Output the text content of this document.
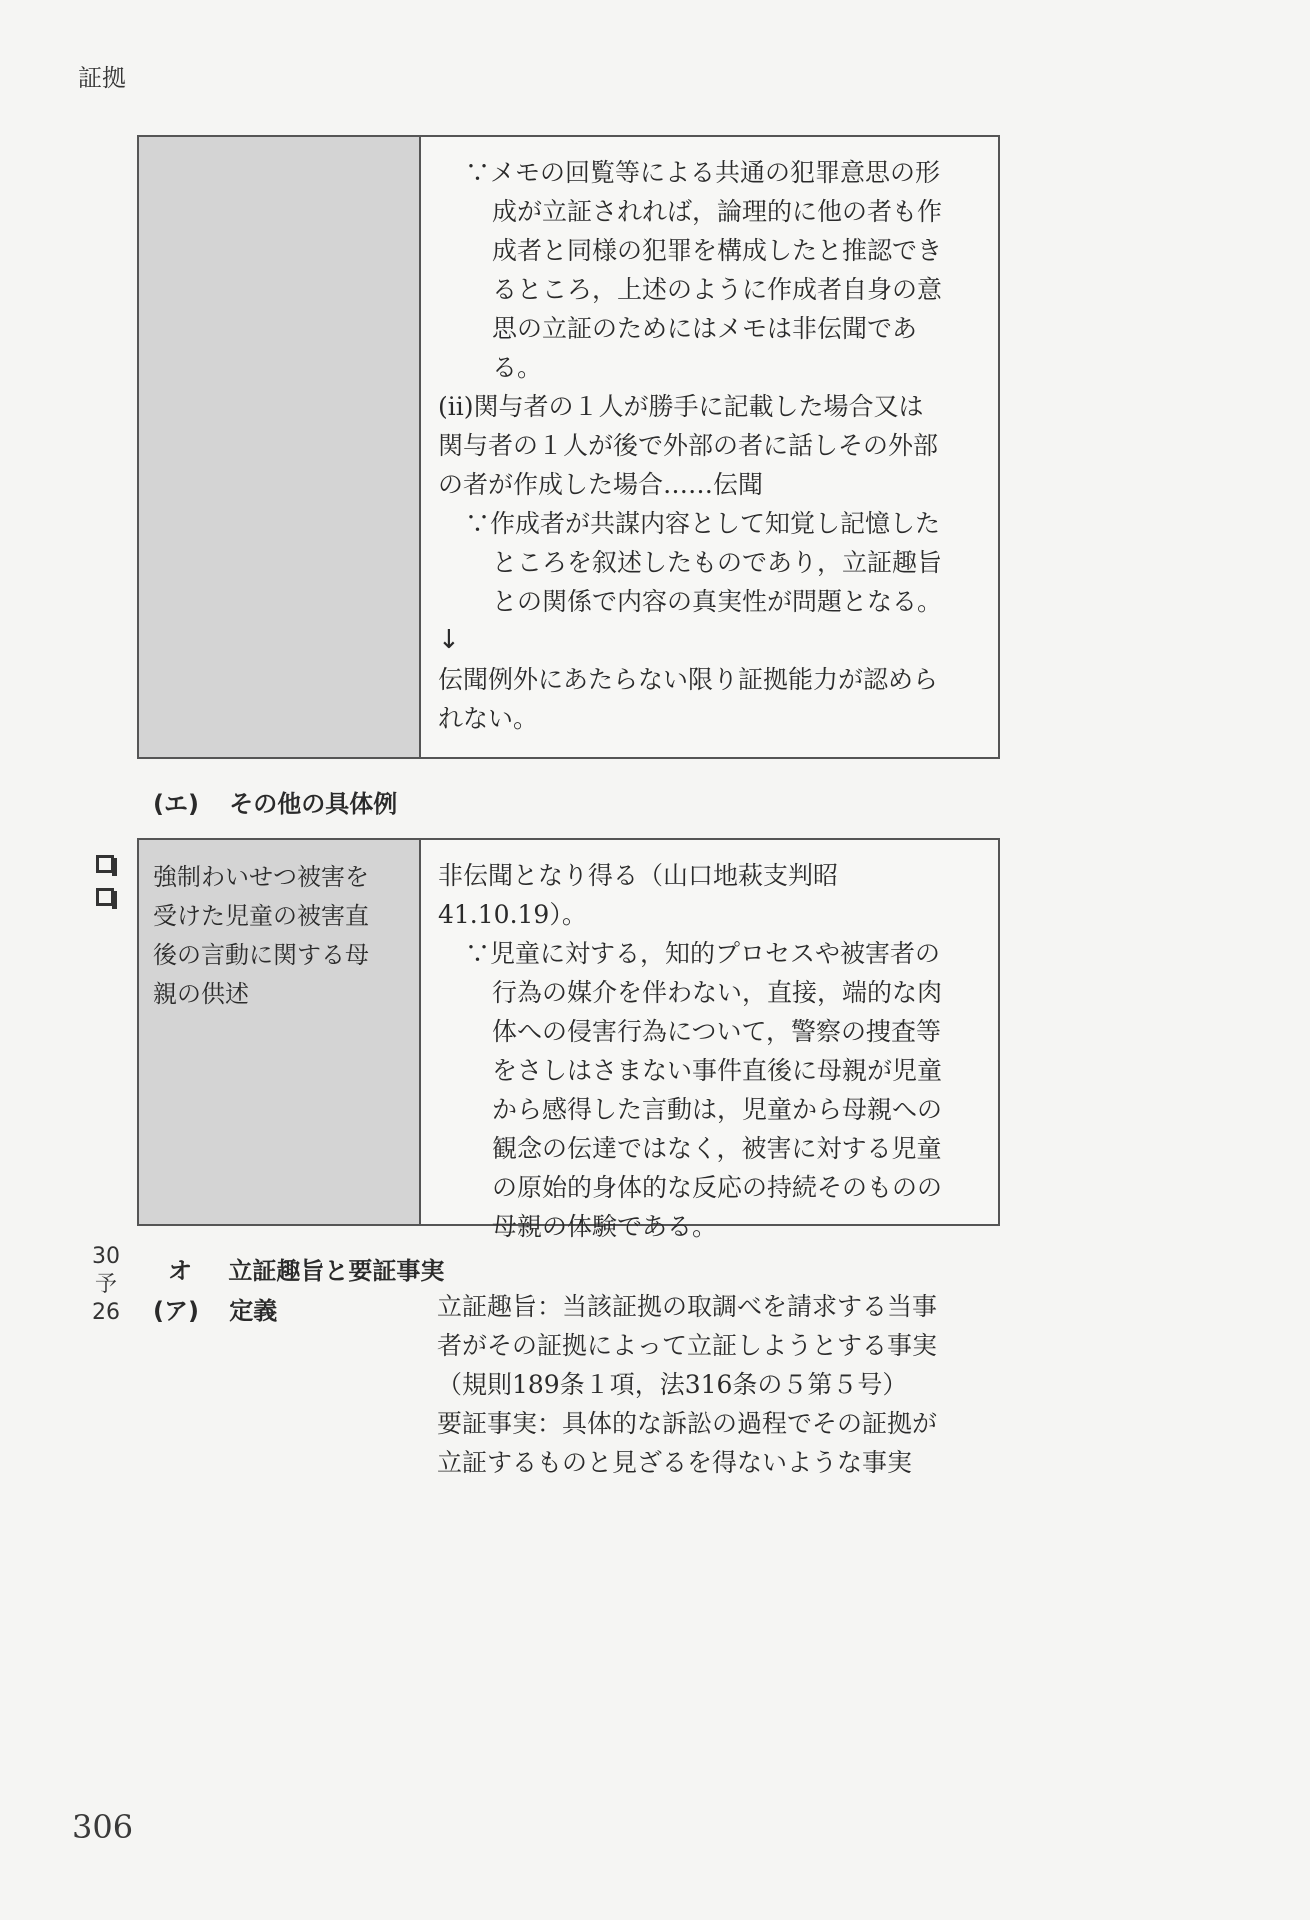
証拠

∵メモの回覧等による共通の犯罪意思の形

成が立証されれば，論理的に他の者も作

成者と同様の犯罪を構成したと推認でき

るところ，上述のように作成者自身の意

思の立証のためにはメモは非伝聞であ

る。

(ⅱ)関与者の１人が勝手に記載した場合又は

関与者の１人が後で外部の者に話しその外部

の者が作成した場合……伝聞

∵作成者が共謀内容として知覚し記憶した

ところを叙述したものであり，立証趣旨

との関係で内容の真実性が問題となる。

↓

伝聞例外にあたらない限り証拠能力が認めら

れない。

(エ) その他の具体例
強制わいせつ被害を
受けた児童の被害直
後の言動に関する母
親の供述

非伝聞となり得る（山口地萩支判昭41.10.19）。

∵児童に対する，知的プロセスや被害者の

行為の媒介を伴わない，直接，端的な肉

体への侵害行為について，警察の捜査等

をさしはさまない事件直後に母親が児童

から感得した言動は，児童から母親への

観念の伝達ではなく，被害に対する児童

の原始的身体的な反応の持続そのものの

母親の体験である。

30
予
26
オ 立証趣旨と要証事実
(ア) 定義	立証趣旨：当該証拠の取調べを請求する当事

者がその証拠によって立証しようとする事実

（規則189条１項，法316条の５第５号）

要証事実：具体的な訴訟の過程でその証拠が

立証するものと見ざるを得ないような事実

306
